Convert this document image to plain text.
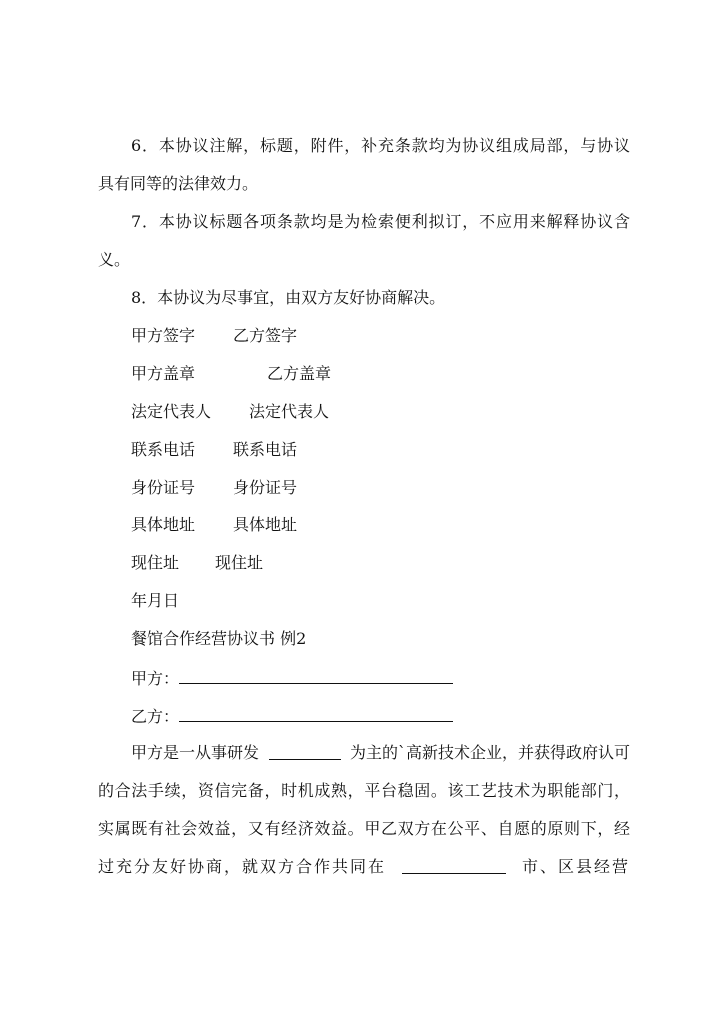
6．本协议注解，标题，附件，补充条款均为协议组成局部，与协议
具有同等的法律效力。
7．本协议标题各项条款均是为检索便利拟订，不应用来解释协议含
义。
8．本协议为尽事宜，由双方友好协商解决。
甲方签字 乙方签字
甲方盖章	乙方盖章
法定代表人 法定代表人
联系电话 联系电话
身份证号 身份证号
具体地址 具体地址
现住址 现住址
年月日
餐馆合作经营协议书 例2
甲方：
乙方：
甲方是一从事研发	为主的`高新技术企业，并获得政府认可
的合法手续，资信完备，时机成熟，平台稳固。该工艺技术为职能部门，
实属既有社会效益，又有经济效益。甲乙双方在公平、自愿的原则下，经
过充分友好协商，就双方合作共同在	市、区县经营
